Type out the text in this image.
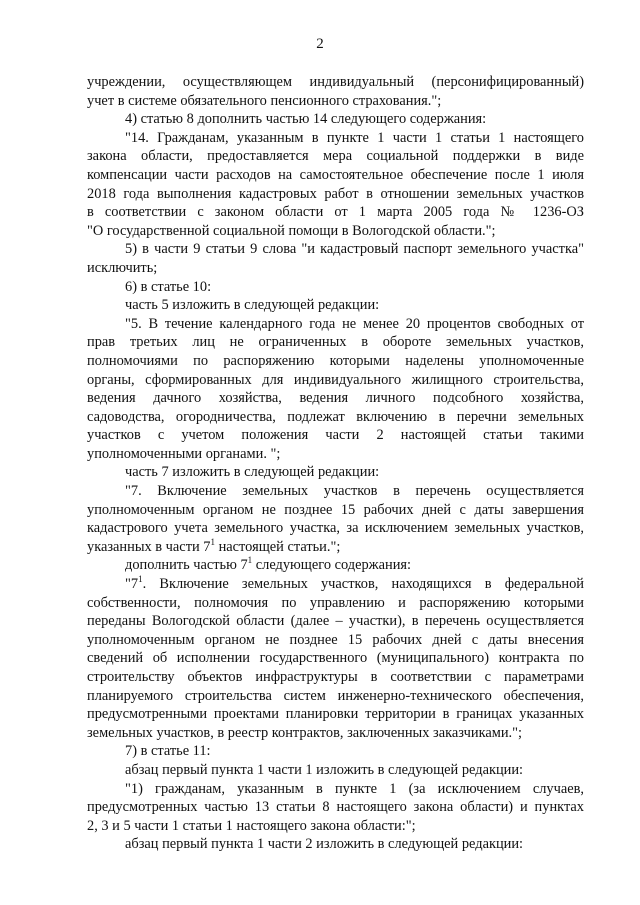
2
учреждении, осуществляющем индивидуальный (персонифицированный)
учет в системе обязательного пенсионного страхования.";
4) статью 8 дополнить частью 14 следующего содержания:
"14. Гражданам, указанным в пункте 1 части 1 статьи 1 настоящего
закона области, предоставляется мера социальной поддержки в виде
компенсации части расходов на самостоятельное обеспечение после 1 июля
2018 года выполнения кадастровых работ в отношении земельных участков
в соответствии с законом области от 1 марта 2005 года № 1236-ОЗ
"О государственной социальной помощи в Вологодской области.";
5) в части 9 статьи 9 слова "и кадастровый паспорт земельного участка"
исключить;
6) в статье 10:
часть 5 изложить в следующей редакции:
"5. В течение календарного года не менее 20 процентов свободных от
прав третьих лиц не ограниченных в обороте земельных участков,
полномочиями по распоряжению которыми наделены уполномоченные
органы, сформированных для индивидуального жилищного строительства,
ведения дачного хозяйства, ведения личного подсобного хозяйства,
садоводства, огородничества, подлежат включению в перечни земельных
участков с учетом положения части 2 настоящей статьи такими
уполномоченными органами. ";
часть 7 изложить в следующей редакции:
"7. Включение земельных участков в перечень осуществляется
уполномоченным органом не позднее 15 рабочих дней с даты завершения
кадастрового учета земельного участка, за исключением земельных участков,
указанных в части $7^1$ настоящей статьи.";
дополнить частью $7^1$ следующего содержания:
"$7^1$. Включение земельных участков, находящихся в федеральной
собственности, полномочия по управлению и распоряжению которыми
переданы Вологодской области (далее – участки), в перечень осуществляется
уполномоченным органом не позднее 15 рабочих дней с даты внесения
сведений об исполнении государственного (муниципального) контракта по
строительству объектов инфраструктуры в соответствии с параметрами
планируемого строительства систем инженерно-технического обеспечения,
предусмотренными проектами планировки территории в границах указанных
земельных участков, в реестр контрактов, заключенных заказчиками.";
7) в статье 11:
абзац первый пункта 1 части 1 изложить в следующей редакции:
"1) гражданам, указанным в пункте 1 (за исключением случаев,
предусмотренных частью 13 статьи 8 настоящего закона области) и пунктах
2, 3 и 5 части 1 статьи 1 настоящего закона области:";
абзац первый пункта 1 части 2 изложить в следующей редакции:
